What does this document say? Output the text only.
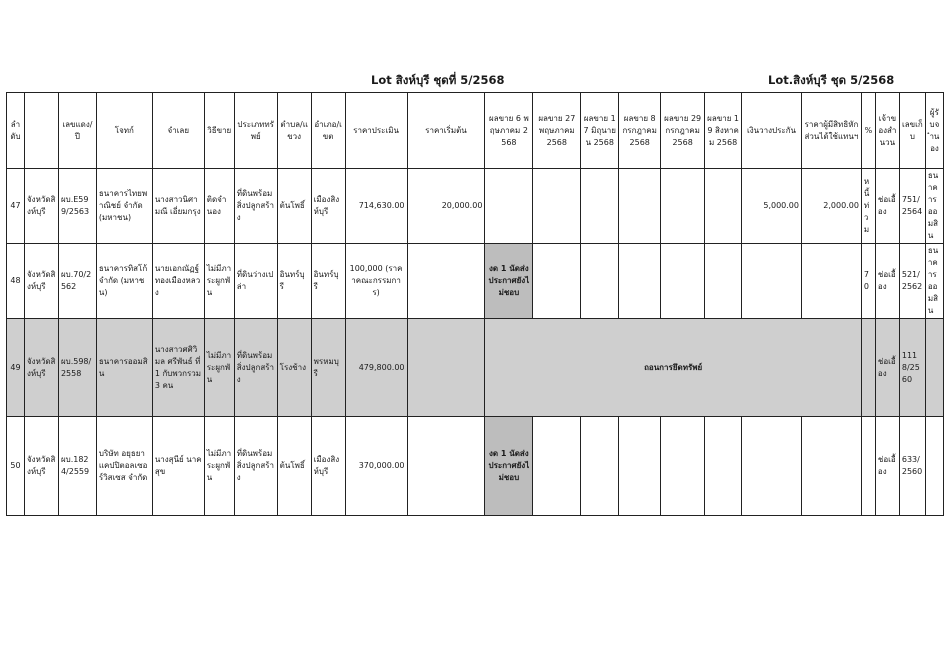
Lot สิงห์บุรี ชุดที่ 5/2568	Lot.สิงห์บุรี ชุด 5/2568
ลำดับ		เลขแดง/ปี	โจทก์	จำเลย	วิธีขาย	ประเภททรัพย์	ตำบล/แขวง	อำเภอ/เขต	ราคาประเมิน	ราคาเริ่มต้น	ผลขาย 6 พฤษภาคม 2568	ผลขาย 27 พฤษภาคม 2568	ผลขาย 17 มิถุนายน 2568	ผลขาย 8 กรกฎาคม 2568	ผลขาย 29 กรกฎาคม 2568	ผลขาย 19 สิงหาคม 2568	เงินวางประกัน	ราคาผู้มีสิทธิหักส่วนได้ใช้แทนฯ	%	เจ้าของสำนวน	เลขเก็บ	ผู้รับจำนอง
47	จังหวัดสิงห์บุรี	ผบ.E599/2563	ธนาคารไทยพาณิชย์ จำกัด (มหาชน)	นางสาวนิศามณี เอี่ยมกรุง	ติดจำนอง	ที่ดินพร้อมสิ่งปลูกสร้าง	ต้นโพธิ์	เมืองสิงห์บุรี	714,630.00	20,000.00							5,000.00	2,000.00	หนี้ท่วม	ช่อเอื้อง	751/2564	ธนาคารออมสิน
48	จังหวัดสิงห์บุรี	ผบ.70/2562	ธนาคารทิสโก้ จำกัด (มหาชน)	นายเอกณัฏฐ์ ทองเมืองหลวง	ไม่มีภาระผูกพัน	ที่ดินว่างเปล่า	อินทร์บุรี	อินทร์บุรี	100,000 (ราคาคณะกรรมการ)		งด 1 นัดส่งประกาศยังไม่ชอบ								70	ช่อเอื้อง	521/2562	ธนาคารออมสิน
49	จังหวัดสิงห์บุรี	ผบ.598/2558	ธนาคารออมสิน	นางสาวศศิวิมล ศรีพันธ์ ที่ 1 กับพวกรวม 3 คน	ไม่มีภาระผูกพัน	ที่ดินพร้อมสิ่งปลูกสร้าง	โรงช้าง	พรหมบุรี	479,800.00		ถอนการยึดทรัพย์									ช่อเอื้อง	1118/2560	
50	จังหวัดสิงห์บุรี	ผบ.1824/2559	บริษัท อยุธยาแคปปิตอลเซอร์วิสเซส จำกัด	นางสุนีย์ นาคสุข	ไม่มีภาระผูกพัน	ที่ดินพร้อมสิ่งปลูกสร้าง	ต้นโพธิ์	เมืองสิงห์บุรี	370,000.00		งด 1 นัดส่งประกาศยังไม่ชอบ									ช่อเอื้อง	633/2560	
